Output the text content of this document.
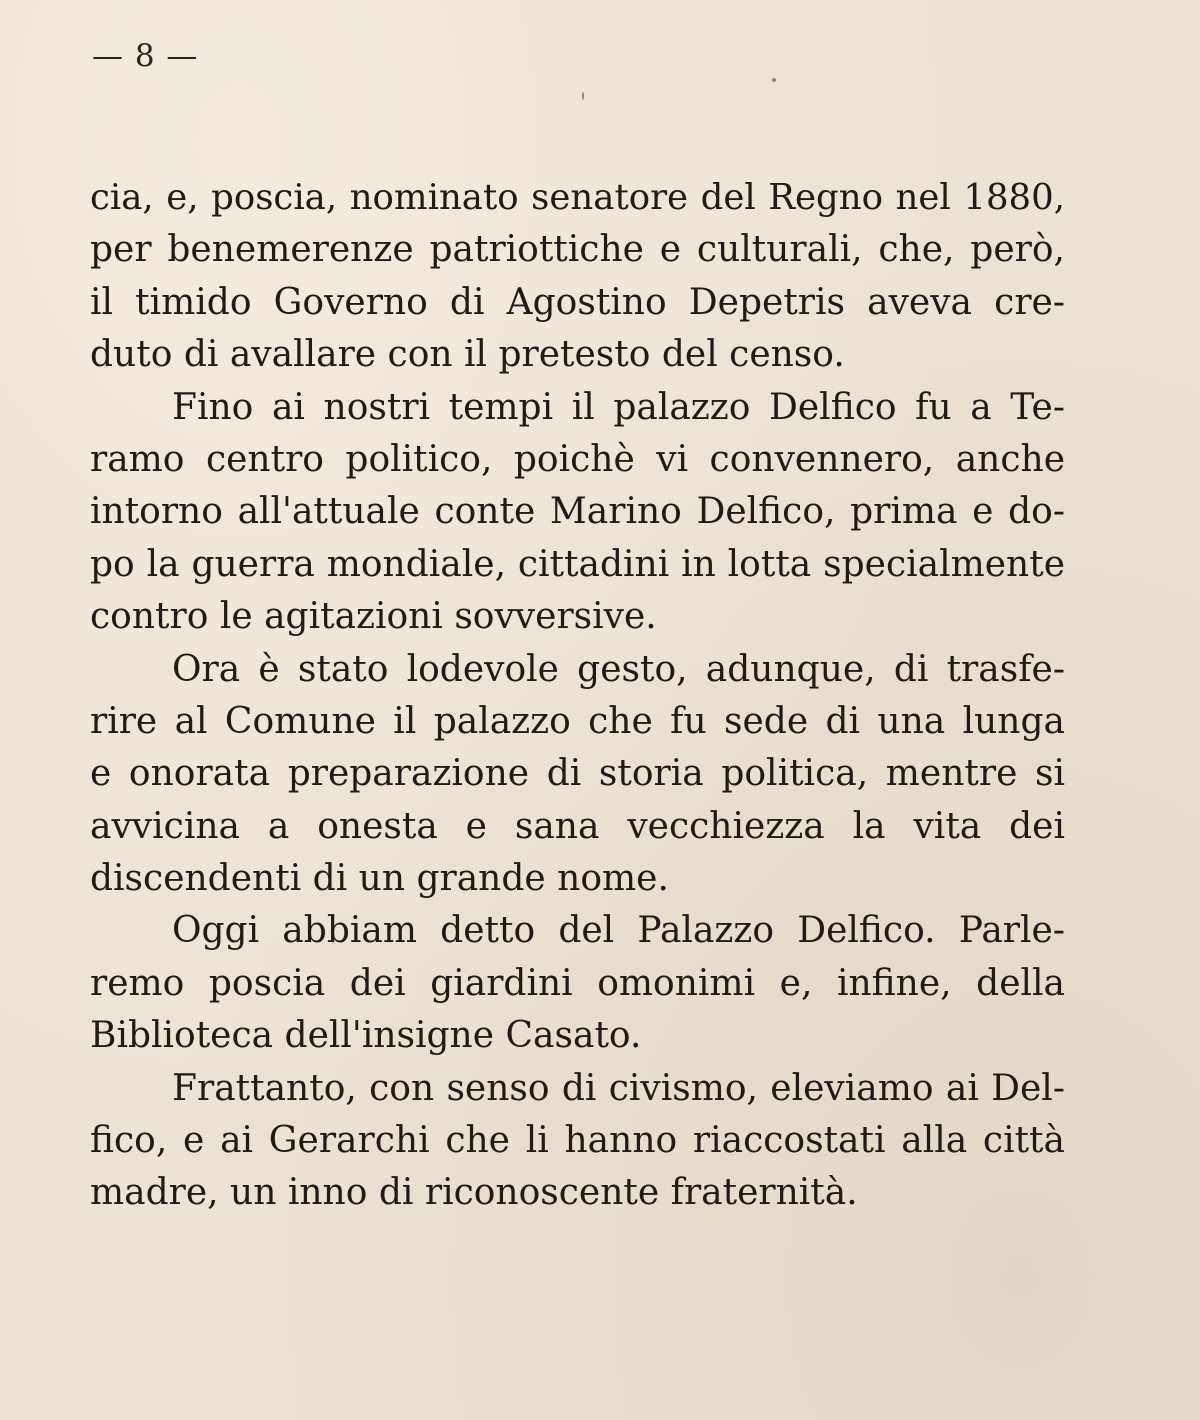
— 8 —
cia, e, poscia, nominato senatore del Regno nel 1880,
per benemerenze patriottiche e culturali, che, però,
il timido Governo di Agostino Depetris aveva cre-
duto di avallare con il pretesto del censo.
Fino ai nostri tempi il palazzo Delfico fu a Te-
ramo centro politico, poichè vi convennero, anche
intorno all'attuale conte Marino Delfico, prima e do-
po la guerra mondiale, cittadini in lotta specialmente
contro le agitazioni sovversive.
Ora è stato lodevole gesto, adunque, di trasfe-
rire al Comune il palazzo che fu sede di una lunga
e onorata preparazione di storia politica, mentre si
avvicina a onesta e sana vecchiezza la vita dei
discendenti di un grande nome.
Oggi abbiam detto del Palazzo Delfico. Parle-
remo poscia dei giardini omonimi e, infine, della
Biblioteca dell'insigne Casato.
Frattanto, con senso di civismo, eleviamo ai Del-
fico, e ai Gerarchi che li hanno riaccostati alla città
madre, un inno di riconoscente fraternità.
